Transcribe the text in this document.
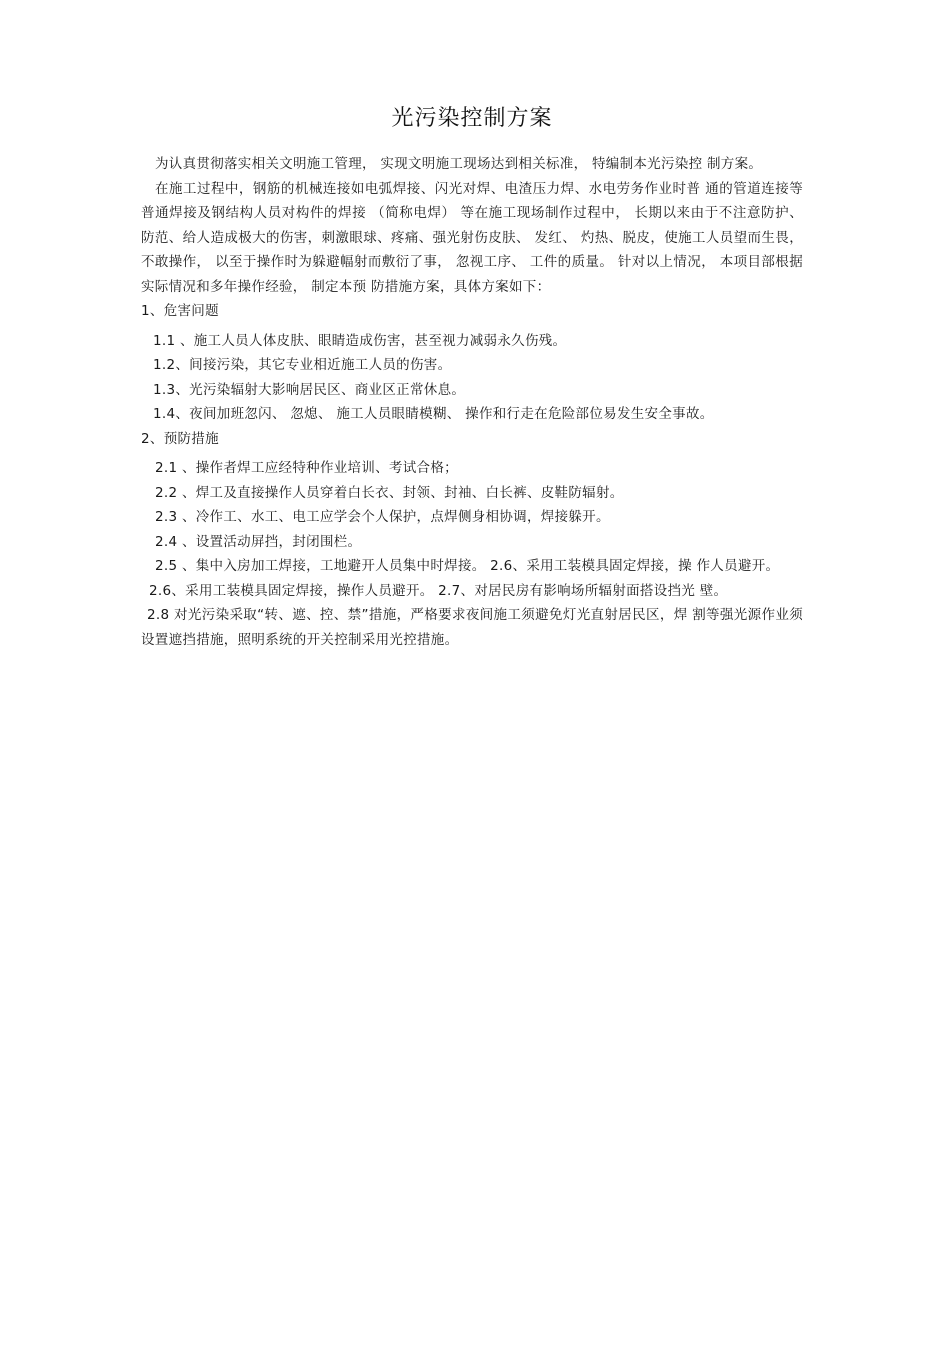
光污染控制方案

为认真贯彻落实相关文明施工管理， 实现文明施工现场达到相关标准， 特编制本光污染控 制方案。

在施工过程中，钢筋的机械连接如电弧焊接、闪光对焊、电渣压力焊、水电劳务作业时普 通的管道连接等普通焊接及钢结构人员对构件的焊接 （简称电焊） 等在施工现场制作过程中， 长期以来由于不注意防护、防范、给人造成极大的伤害，刺激眼球、疼痛、强光射伤皮肤、 发红、 灼热、脱皮，使施工人员望而生畏， 不敢操作， 以至于操作时为躲避幅射而敷衍了事， 忽视工序、 工件的质量。 针对以上情况， 本项目部根据实际情况和多年操作经验， 制定本预 防措施方案，具体方案如下：

1、危害问题

1.1 、施工人员人体皮肤、眼睛造成伤害，甚至视力减弱永久伤残。

1.2、间接污染，其它专业相近施工人员的伤害。

1.3、光污染辐射大影响居民区、商业区正常休息。

1.4、夜间加班忽闪、 忽熄、 施工人员眼睛模糊、 操作和行走在危险部位易发生安全事故。

2、预防措施

2.1 、操作者焊工应经特种作业培训、考试合格；

2.2 、焊工及直接操作人员穿着白长衣、封领、封袖、白长裤、皮鞋防辐射。

2.3 、冷作工、水工、电工应学会个人保护，点焊侧身相协调，焊接躲开。

2.4 、设置活动屏挡，封闭围栏。

2.5 、集中入房加工焊接，工地避开人员集中时焊接。 2.6、采用工装模具固定焊接，操 作人员避开。

2.6、采用工装模具固定焊接，操作人员避开。 2.7、对居民房有影响场所辐射面搭设挡光 壁。

2.8 对光污染采取“转、遮、控、禁”措施，严格要求夜间施工须避免灯光直射居民区，焊 割等强光源作业须设置遮挡措施，照明系统的开关控制采用光控措施。
